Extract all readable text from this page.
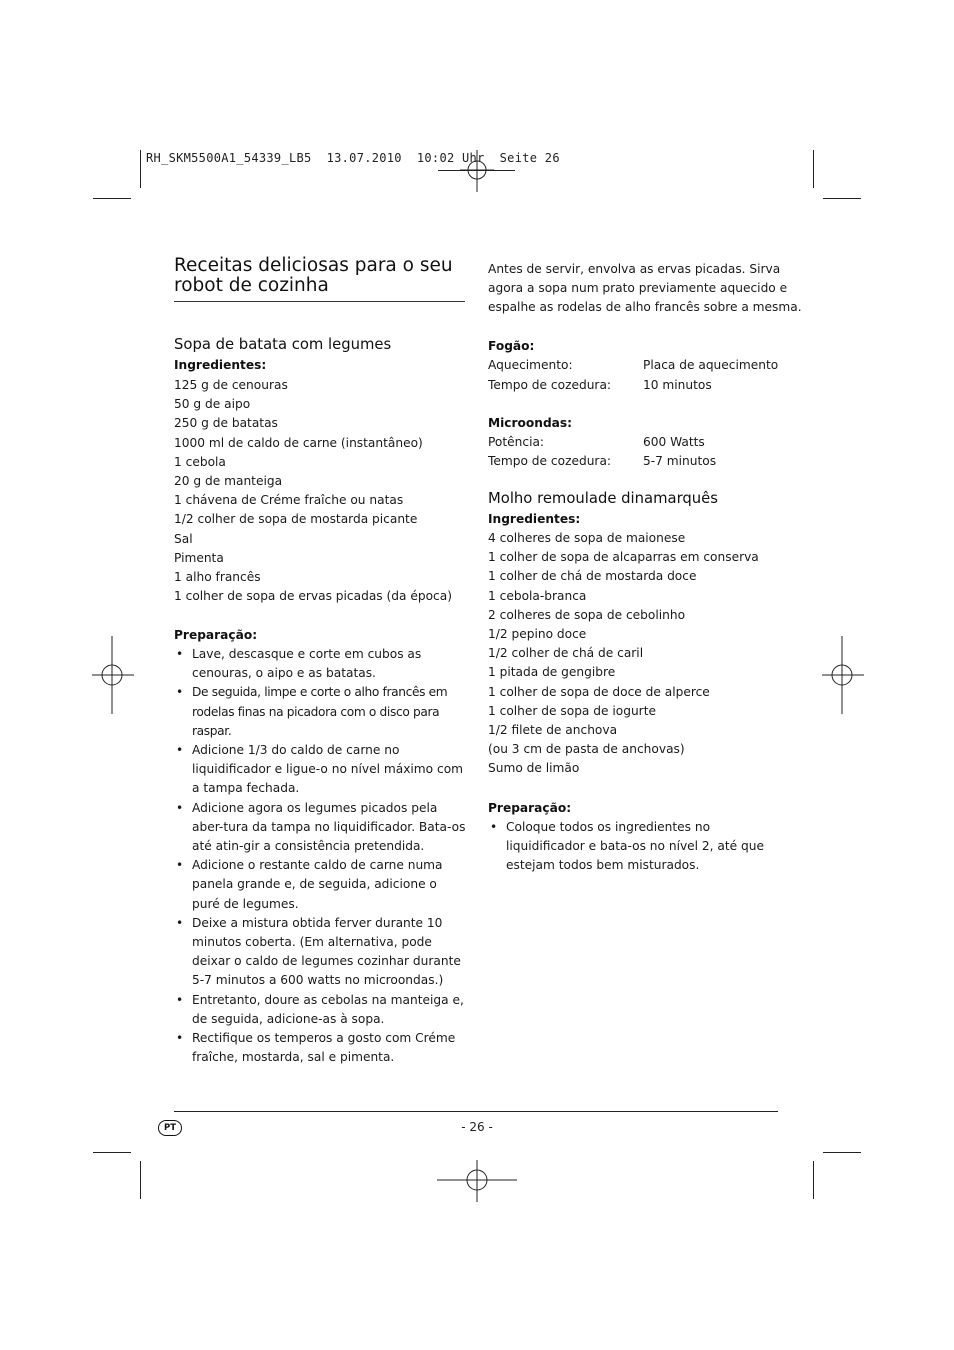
RH_SKM5500A1_54339_LB5  13.07.2010  10:02 Uhr  Seite 26
Receitas deliciosas para o seu robot de cozinha
Sopa de batata com legumes
Ingredientes:
125 g de cenouras
50 g de aipo
250 g de batatas
1000 ml de caldo de carne (instantâneo)
1 cebola
20 g de manteiga
1 chávena de Créme fraîche ou natas
1/2 colher de sopa de mostarda picante
Sal
Pimenta
1 alho francês
1 colher de sopa de ervas picadas (da época)
Preparação:
• Lave, descasque e corte em cubos as cenouras, o aipo e as batatas.
• De seguida, limpe e corte o alho francês em rodelas finas na picadora com o disco para raspar.
• Adicione 1/3 do caldo de carne no liquidificador e ligue-o no nível máximo com a tampa fechada.
• Adicione agora os legumes picados pela aber-tura da tampa no liquidificador. Bata-os até atin-gir a consistência pretendida.
• Adicione o restante caldo de carne numa panela grande e, de seguida, adicione o puré de legumes.
• Deixe a mistura obtida ferver durante 10 minutos coberta. (Em alternativa, pode deixar o caldo de legumes cozinhar durante 5-7 minutos a 600 watts no microondas.)
• Entretanto, doure as cebolas na manteiga e, de seguida, adicione-as à sopa.
• Rectifique os temperos a gosto com Créme fraîche, mostarda, sal e pimenta.
Antes de servir, envolva as ervas picadas. Sirva
agora a sopa num prato previamente aquecido e
espalhe as rodelas de alho francês sobre a mesma.
Fogão:
Aquecimento:	Placa de aquecimento
Tempo de cozedura:	10 minutos
Microondas:
Potência:	600 Watts
Tempo de cozedura:	5-7 minutos
Molho remoulade dinamarquês
Ingredientes:
4 colheres de sopa de maionese
1 colher de sopa de alcaparras em conserva
1 colher de chá de mostarda doce
1 cebola-branca
2 colheres de sopa de cebolinho
1/2 pepino doce
1/2 colher de chá de caril
1 pitada de gengibre
1 colher de sopa de doce de alperce
1 colher de sopa de iogurte
1/2 filete de anchova
(ou 3 cm de pasta de anchovas)
Sumo de limão
Preparação:
• Coloque todos os ingredientes no liquidificador e bata-os no nível 2, até que estejam todos bem misturados.
PT	- 26 -
